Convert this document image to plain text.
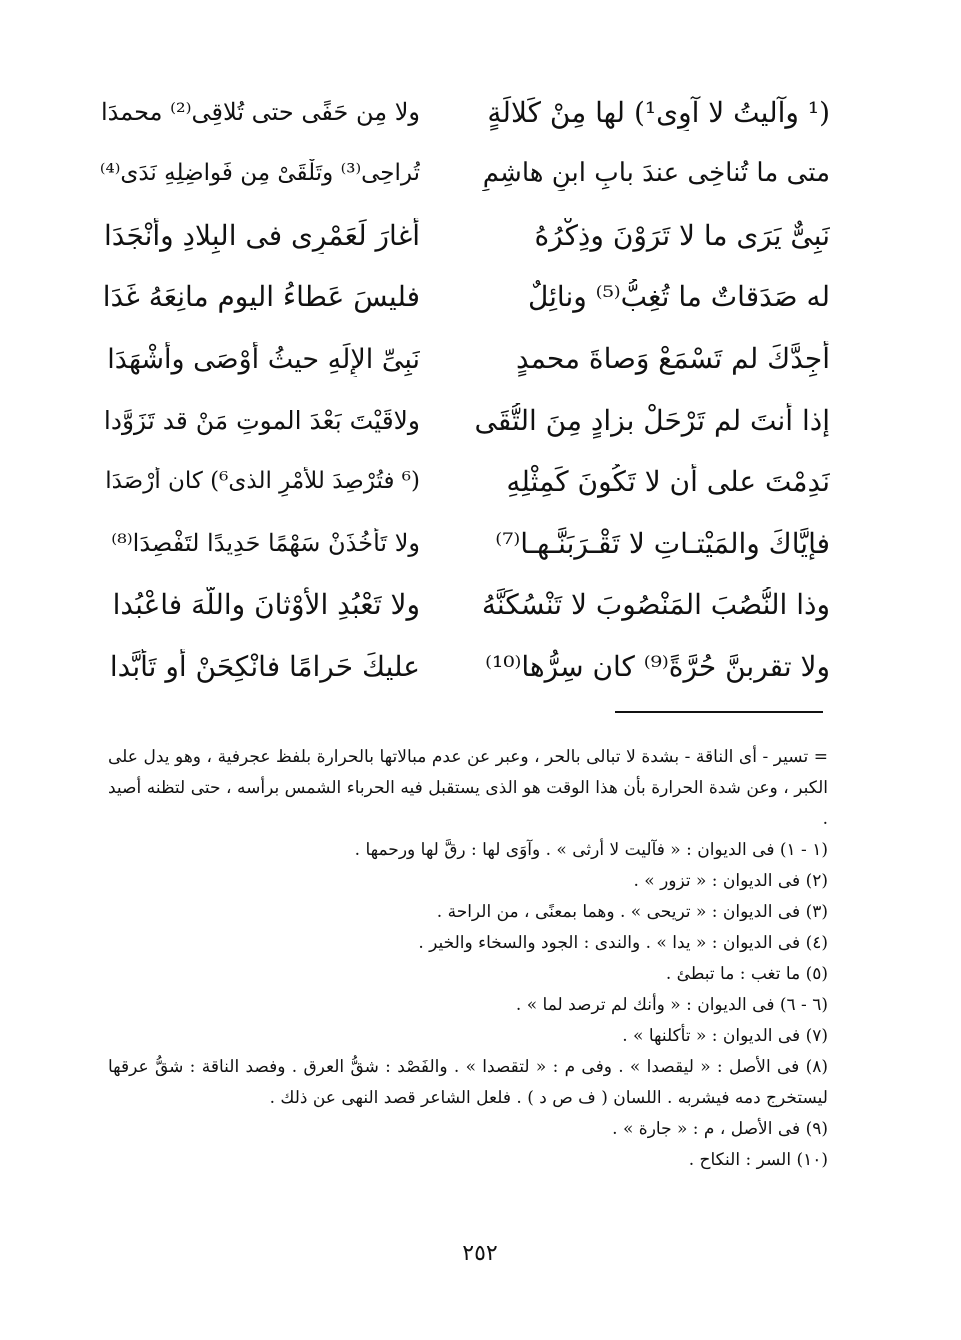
(¹ وآليتُ لا آوِى¹) لها مِنْ كَلالَةٍ
ولا مِن حَفًى حتى تُلاقِى⁽²⁾ محمدَا
متى ما تُناخِى عندَ بابِ ابنِ هاشِمٍ
تُراحِى⁽³⁾ وتَلْقَىْ مِن فَواضِلِهِ نَدَى⁽⁴⁾
نَبِىٌّ يَرَى ما لا تَرَوْنَ وذِكْرُهُ
أغارَ لَعَمْرِى فى البِلادِ وأنْجَدَا
له صَدَقاتٌ ما تُغِبُّ⁽⁵⁾ ونائِلٌ
فليسَ عَطاءُ اليوم مانِعَهُ غَدَا
أَجِدَّكَ لم تَسْمَعْ وَصاةَ محمدٍ
نَبِىِّ الإِلَهِ حيثُ أَوْصَى وأَشْهَدَا
إذا أنتَ لم تَرْحَلْ بزادٍ مِنَ التُّقَى
ولاقَيْتَ بَعْدَ الموتِ مَنْ قد تَزَوَّدا
نَدِمْتَ على أن لا تَكُونَ كَمِثْلِهِ
(⁶ فتُرْصِدَ للأَمْرِ الذى⁶) كان أَرْصَدَا
فإيَّاكَ والمَيْتـاتِ لا تَقْـرَبَنَّـهـا⁽⁷⁾
ولا تَأْخُذَنْ سَهْمًا حَدِيدًا لتَفْصِدَا⁽⁸⁾
وذا النُّصُبَ المَنْصُوبَ لا تَنْسُكَنَّهُ
ولا تَعْبُدِ الأَوْثانَ واللَّهَ فاعْبُدا
ولا تقربنَّ حُرَّةً⁽⁹⁾ كان سِرُّها⁽¹⁰⁾
عليكَ حَرامًا فانْكِحَنْ أو تَأَبَّدا
= تسير - أى الناقة - بشدة لا تبالى بالحر ، وعبر عن عدم مبالاتها بالحرارة بلفظ عجرفية ، وهو يدل على الكبر ، وعن شدة الحرارة بأن هذا الوقت هو الذى يستقبل فيه الحرباء الشمس برأسه ، حتى لتظنه أصيد .
(١ - ١) فى الديوان : « فآليت لا أرثى » . وآوَى لها : رقَّ لها ورحمها .
(٢) فى الديوان : « تزور » .
(٣) فى الديوان : « تريحى » . وهما بمعنًى ، من الراحة .
(٤) فى الديوان : « يدا » . والندى : الجود والسخاء والخير .
(٥) ما تغب : ما تبطئ .
(٦ - ٦) فى الديوان : « وأنك لم ترصد لما » .
(٧) فى الديوان : « تأكلنها » .
(٨) فى الأصل : « ليقصدا » . وفى م : « لتقصدا » . والفَصْد : شقُّ العرق . وفصد الناقة : شقُّ عرقها ليستخرج دمه فيشربه . اللسان ( ف ص د ) . فلعل الشاعر قصد النهى عن ذلك .
(٩) فى الأصل ، م : « جارة » .
(١٠) السر : النكاح .
٢٥٢
